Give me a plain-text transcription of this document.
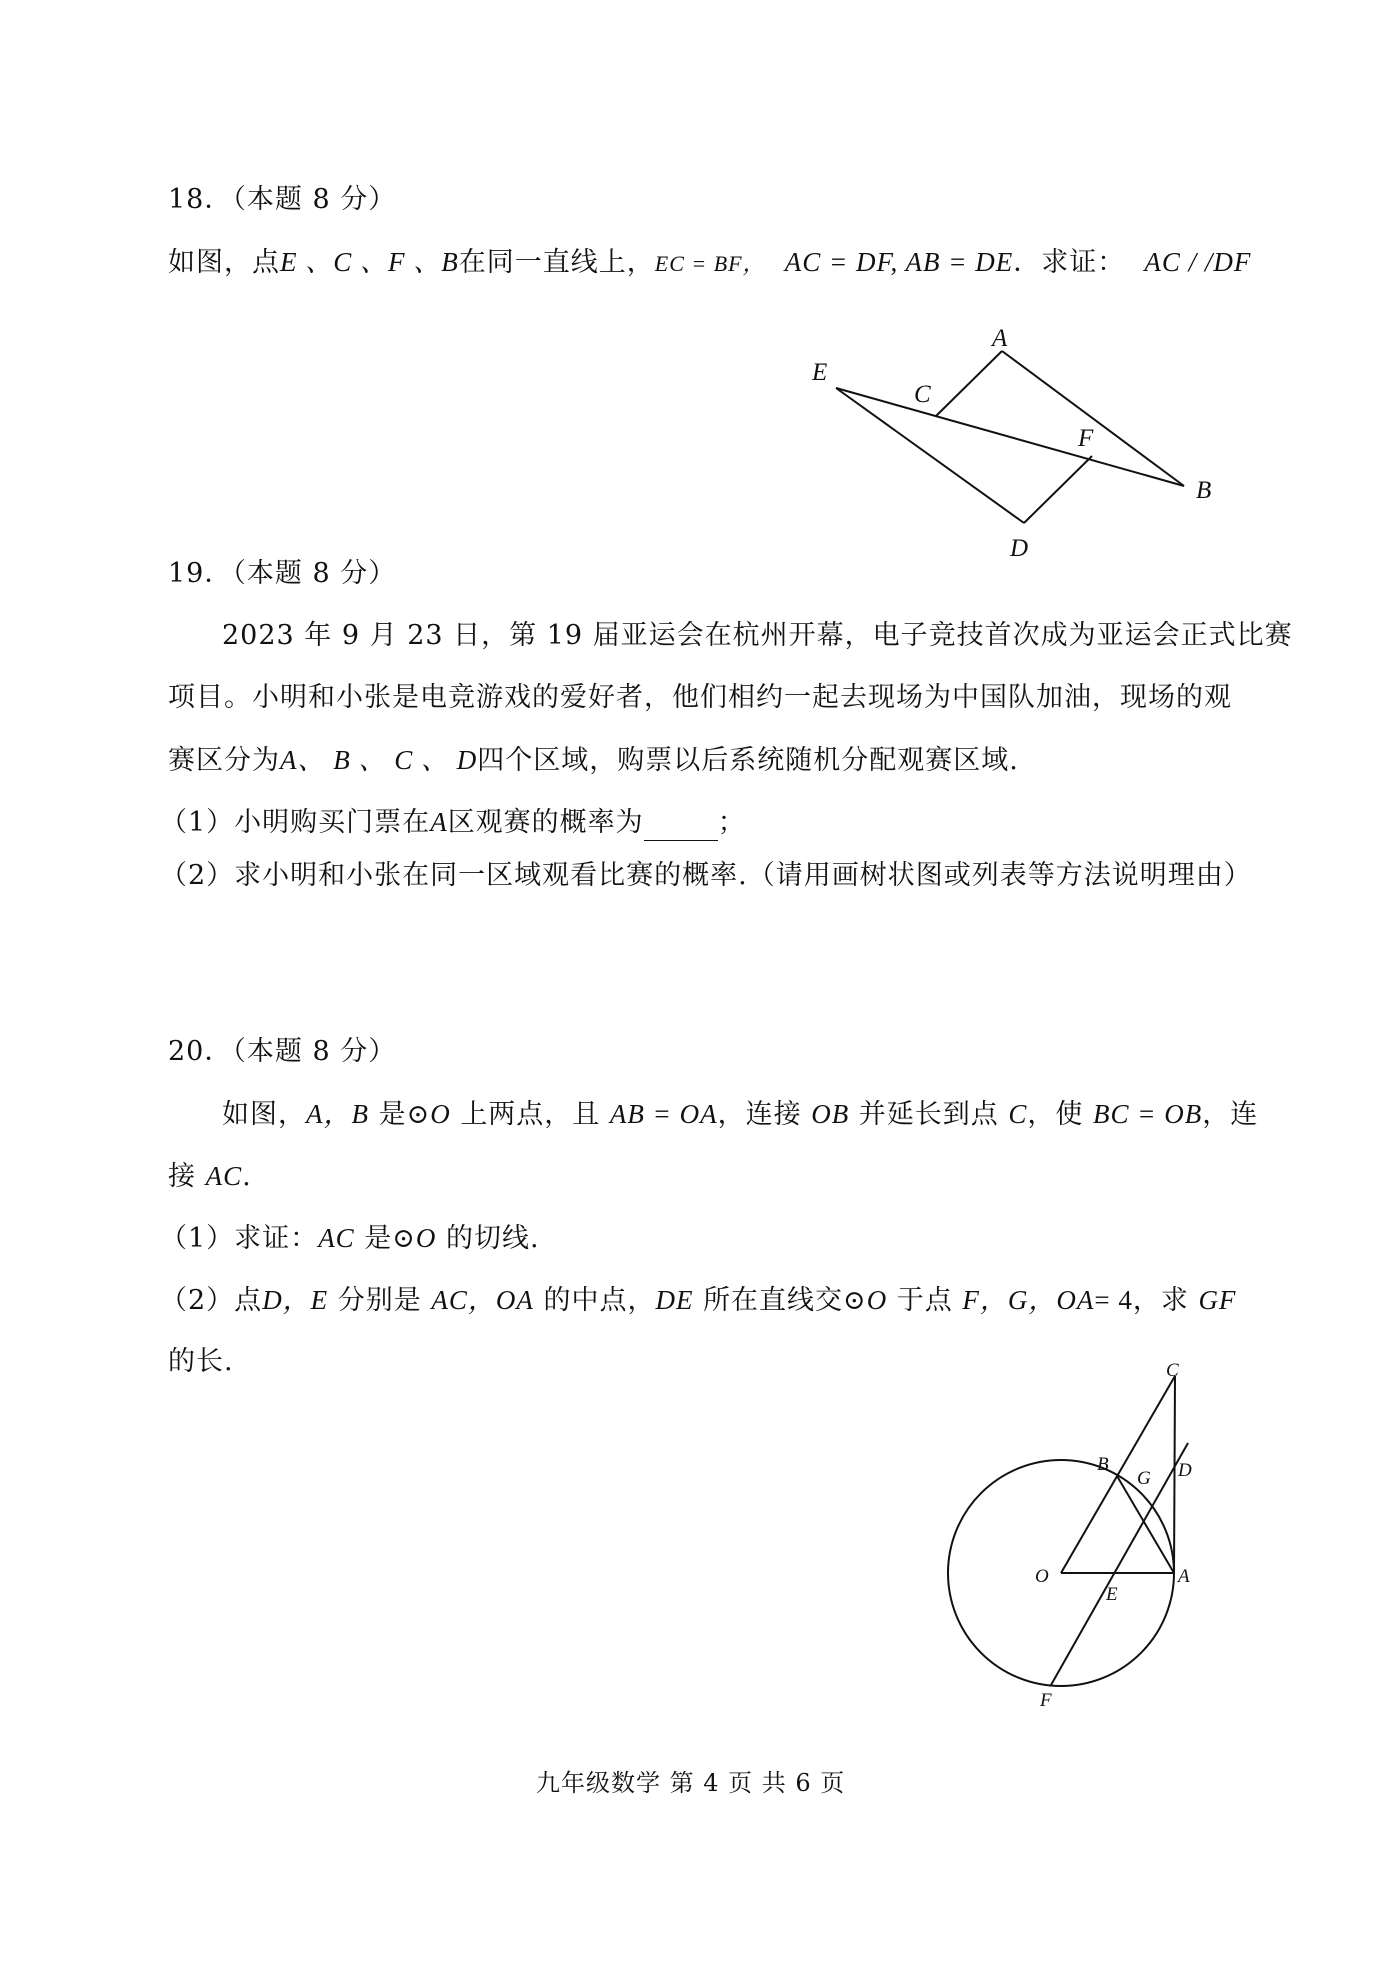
18．（本题 8 分）
如图，点E 、C 、F 、B在同一直线上，EC = BF， AC = DF, AB = DE．求证： AC / /DF
A
B
C
D
E
F
19．（本题 8 分）
2023 年 9 月 23 日，第 19 届亚运会在杭州开幕，电子竞技首次成为亚运会正式比赛
项目。小明和小张是电竞游戏的爱好者，他们相约一起去现场为中国队加油，现场的观
赛区分为A、 B 、 C 、 D四个区域，购票以后系统随机分配观赛区域.
（1）小明购买门票在A区观赛的概率为	；
（2）求小明和小张在同一区域观看比赛的概率.（请用画树状图或列表等方法说明理由）
20．（本题 8 分）
如图，A，B 是⊙O 上两点，且 AB = OA，连接 OB 并延长到点 C，使 BC = OB，连
接 AC.
（1）求证：AC 是⊙O 的切线.
（2）点D，E 分别是 AC，OA 的中点，DE 所在直线交⊙O 于点 F，G，OA= 4，求 GF
的长.
O	A
B
C
D
E
F
G
九年级数学 第 4 页 共 6 页
